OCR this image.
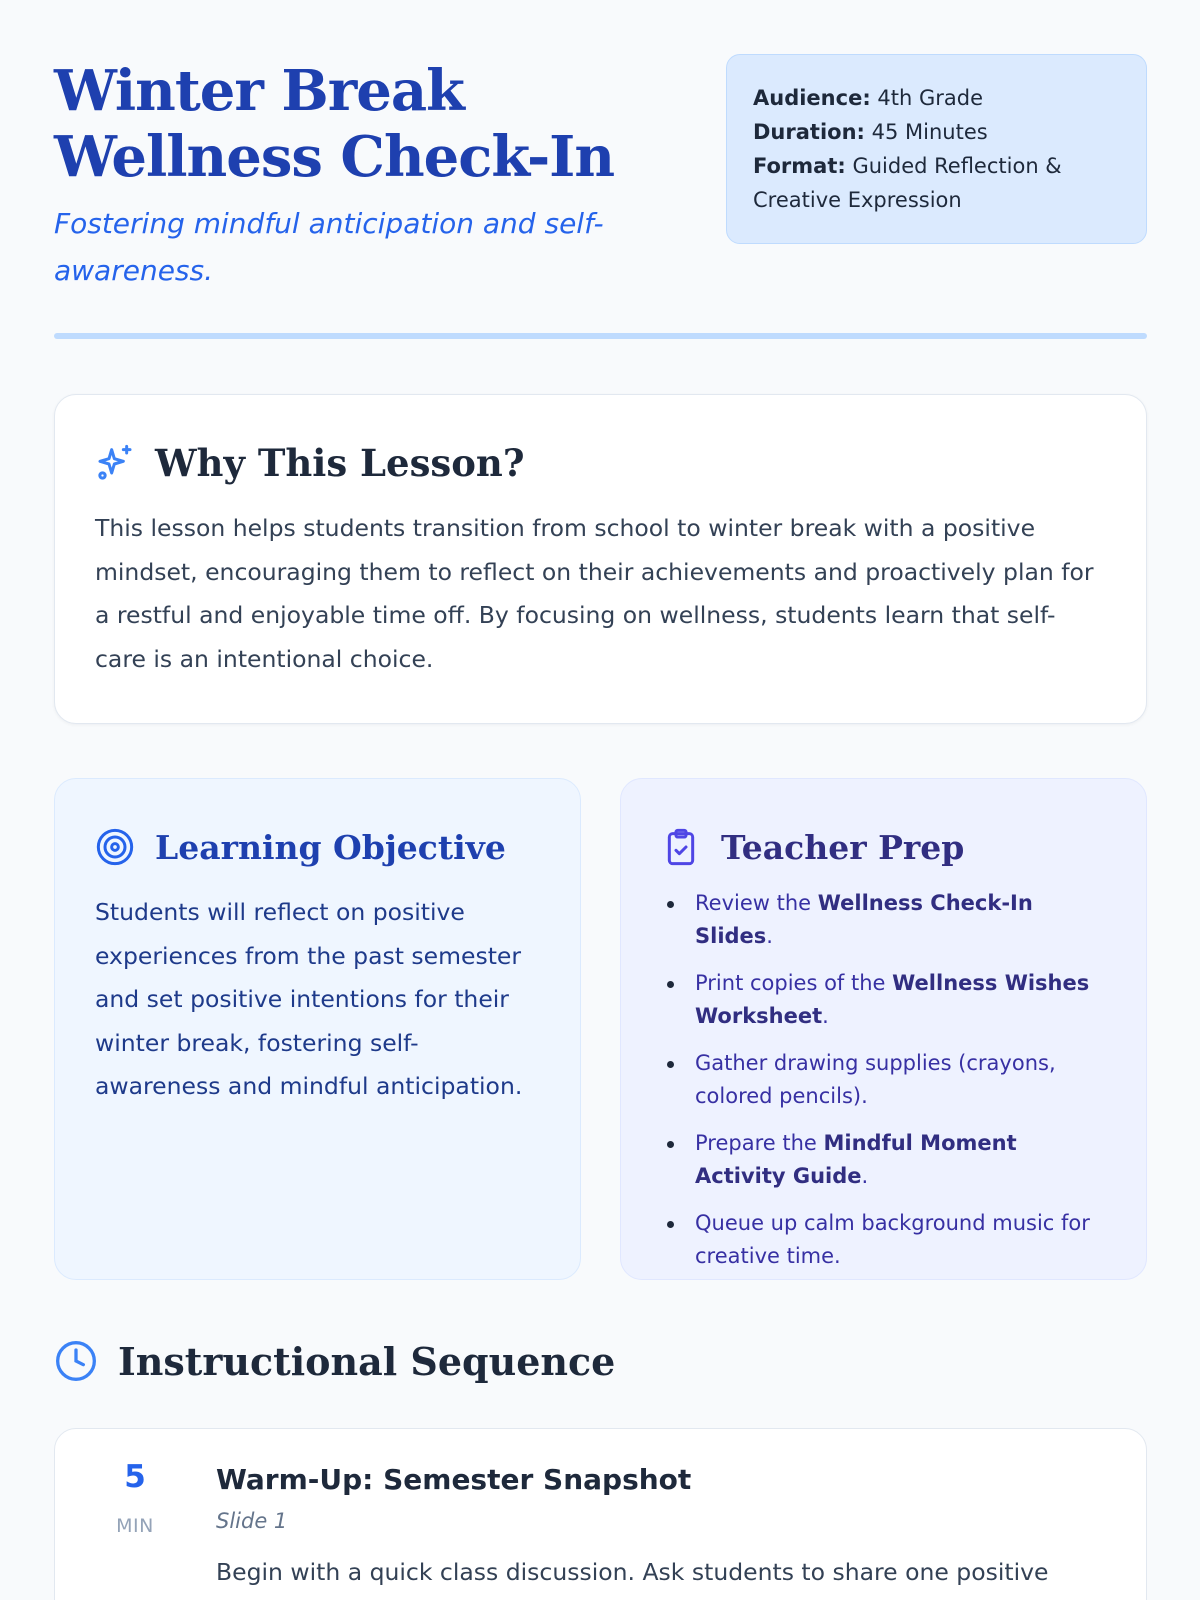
Winter Break Wellness Check-In

Fostering mindful anticipation and self-awareness.

Audience: 4th Grade
Duration: 45 Minutes
Format: Guided Reflection & Creative Expression
Why This Lesson?

This lesson helps students transition from school to winter break with a positive mindset, encouraging them to reflect on their achievements and proactively plan for a restful and enjoyable time off. By focusing on wellness, students learn that self-care is an intentional choice.

Learning Objective

Students will reflect on positive experiences from the past semester and set positive intentions for their winter break, fostering self-awareness and mindful anticipation.

Teacher Prep
Review the Wellness Check-In Slides.
Print copies of the Wellness Wishes Worksheet.
Gather drawing supplies (crayons, colored pencils).
Prepare the Mindful Moment Activity Guide.
Queue up calm background music for creative time.
Instructional Sequence
5
MIN
Warm-Up: Semester Snapshot
Slide 1

Begin with a quick class discussion. Ask students to share one positive
